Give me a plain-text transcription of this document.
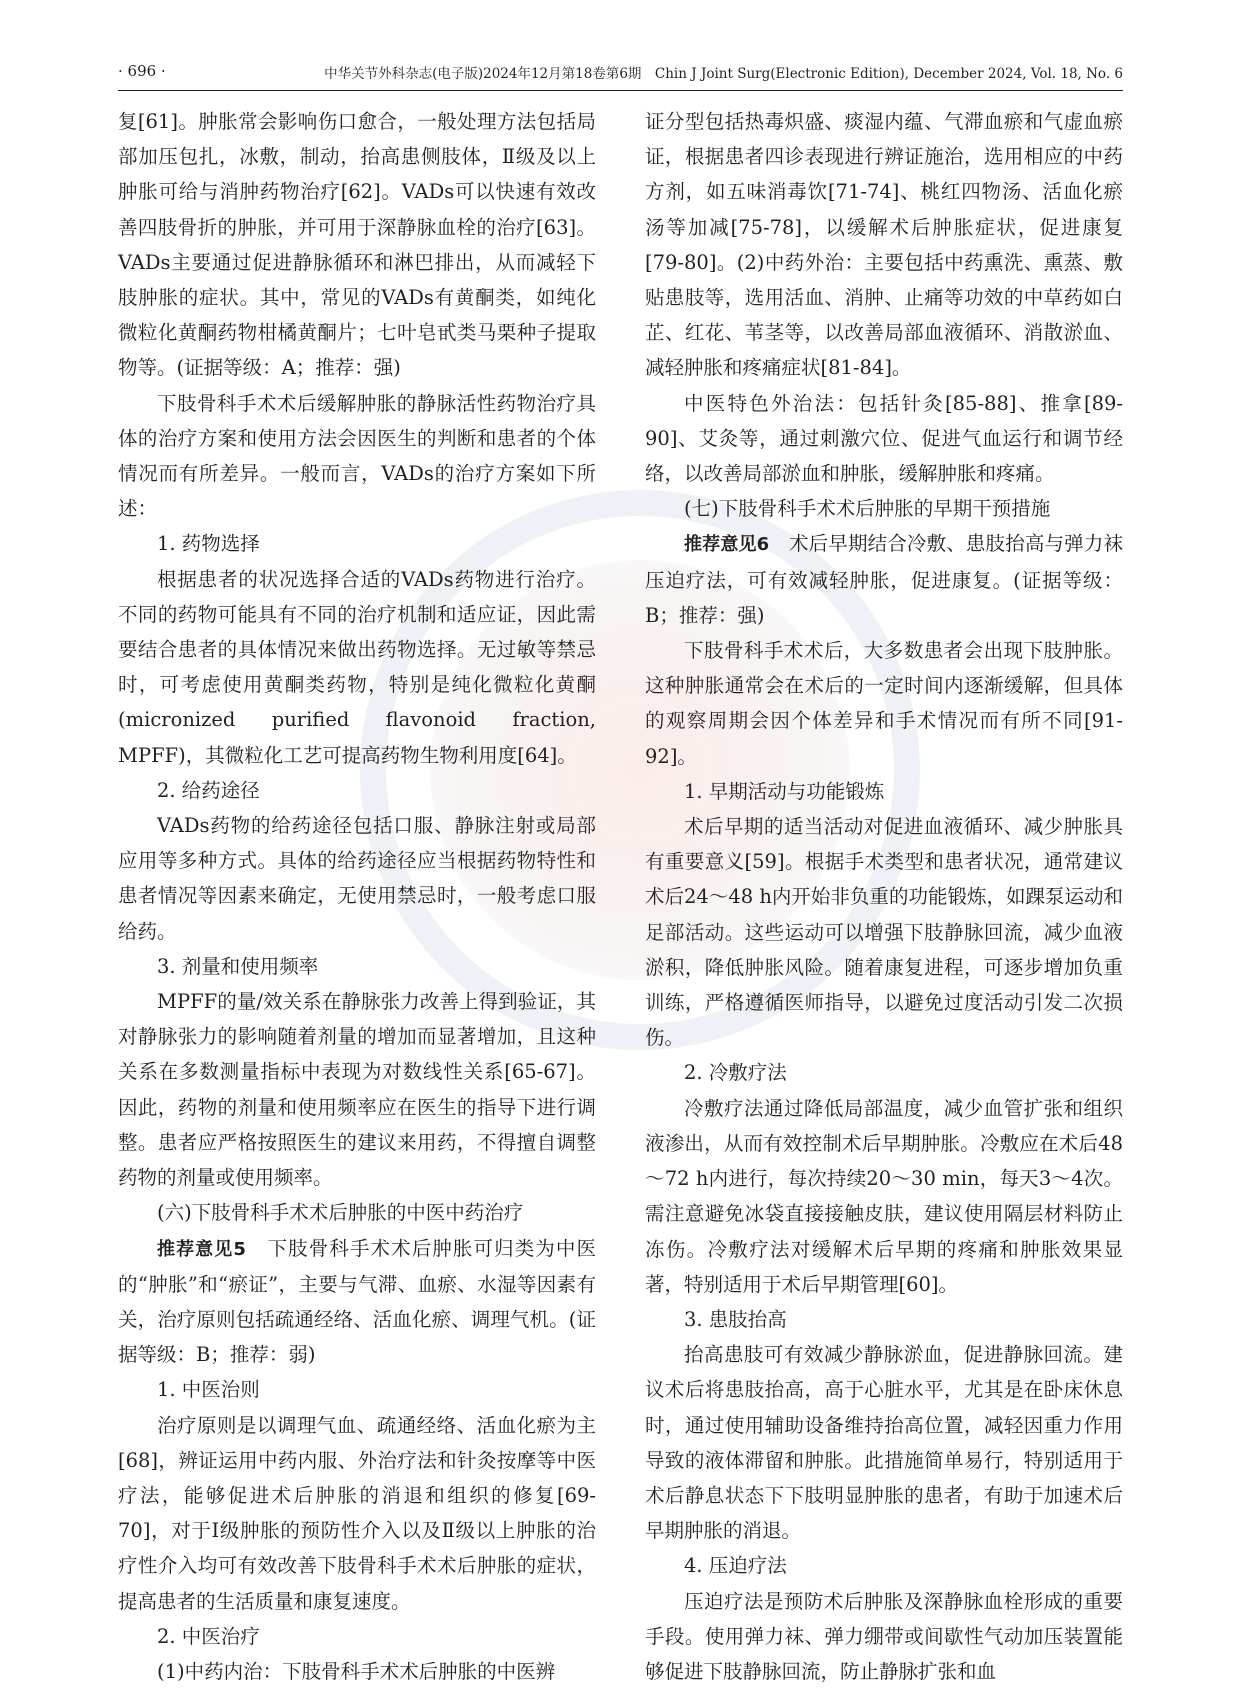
· 696 ·	中华关节外科杂志(电子版)2024年12月第18卷第6期　Chin J Joint Surg(Electronic Edition), December 2024, Vol. 18, No. 6

复[61]。肿胀常会影响伤口愈合，一般处理方法包括局部加压包扎，冰敷，制动，抬高患侧肢体，Ⅱ级及以上肿胀可给与消肿药物治疗[62]。VADs可以快速有效改善四肢骨折的肿胀，并可用于深静脉血栓的治疗[63]。VADs主要通过促进静脉循环和淋巴排出，从而减轻下肢肿胀的症状。其中，常见的VADs有黄酮类，如纯化微粒化黄酮药物柑橘黄酮片；七叶皂甙类马栗种子提取物等。(证据等级：A；推荐：强)

下肢骨科手术术后缓解肿胀的静脉活性药物治疗具体的治疗方案和使用方法会因医生的判断和患者的个体情况而有所差异。一般而言，VADs的治疗方案如下所述：

1. 药物选择

根据患者的状况选择合适的VADs药物进行治疗。不同的药物可能具有不同的治疗机制和适应证，因此需要结合患者的具体情况来做出药物选择。无过敏等禁忌时，可考虑使用黄酮类药物，特别是纯化微粒化黄酮(micronized purified flavonoid fraction, MPFF)，其微粒化工艺可提高药物生物利用度[64]。

2. 给药途径

VADs药物的给药途径包括口服、静脉注射或局部应用等多种方式。具体的给药途径应当根据药物特性和患者情况等因素来确定，无使用禁忌时，一般考虑口服给药。

3. 剂量和使用频率

MPFF的量/效关系在静脉张力改善上得到验证，其对静脉张力的影响随着剂量的增加而显著增加，且这种关系在多数测量指标中表现为对数线性关系[65-67]。因此，药物的剂量和使用频率应在医生的指导下进行调整。患者应严格按照医生的建议来用药，不得擅自调整药物的剂量或使用频率。

(六)下肢骨科手术术后肿胀的中医中药治疗

推荐意见5　下肢骨科手术术后肿胀可归类为中医的“肿胀”和“瘀证”，主要与气滞、血瘀、水湿等因素有关，治疗原则包括疏通经络、活血化瘀、调理气机。(证据等级：B；推荐：弱)

1. 中医治则

治疗原则是以调理气血、疏通经络、活血化瘀为主[68]，辨证运用中药内服、外治疗法和针灸按摩等中医疗法，能够促进术后肿胀的消退和组织的修复[69-70]，对于Ⅰ级肿胀的预防性介入以及Ⅱ级以上肿胀的治疗性介入均可有效改善下肢骨科手术术后肿胀的症状，提高患者的生活质量和康复速度。

2. 中医治疗

(1)中药内治：下肢骨科手术术后肿胀的中医辨

证分型包括热毒炽盛、痰湿内蕴、气滞血瘀和气虚血瘀证，根据患者四诊表现进行辨证施治，选用相应的中药方剂，如五味消毒饮[71-74]、桃红四物汤、活血化瘀汤等加减[75-78]，以缓解术后肿胀症状，促进康复[79-80]。(2)中药外治：主要包括中药熏洗、熏蒸、敷贴患肢等，选用活血、消肿、止痛等功效的中草药如白芷、红花、苇茎等，以改善局部血液循环、消散淤血、减轻肿胀和疼痛症状[81-84]。

中医特色外治法：包括针灸[85-88]、推拿[89-90]、艾灸等，通过刺激穴位、促进气血运行和调节经络，以改善局部淤血和肿胀，缓解肿胀和疼痛。

(七)下肢骨科手术术后肿胀的早期干预措施

推荐意见6　术后早期结合冷敷、患肢抬高与弹力袜压迫疗法，可有效减轻肿胀，促进康复。(证据等级：B；推荐：强)

下肢骨科手术术后，大多数患者会出现下肢肿胀。这种肿胀通常会在术后的一定时间内逐渐缓解，但具体的观察周期会因个体差异和手术情况而有所不同[91-92]。

1. 早期活动与功能锻炼

术后早期的适当活动对促进血液循环、减少肿胀具有重要意义[59]。根据手术类型和患者状况，通常建议术后24～48 h内开始非负重的功能锻炼，如踝泵运动和足部活动。这些运动可以增强下肢静脉回流，减少血液淤积，降低肿胀风险。随着康复进程，可逐步增加负重训练，严格遵循医师指导，以避免过度活动引发二次损伤。

2. 冷敷疗法

冷敷疗法通过降低局部温度，减少血管扩张和组织液渗出，从而有效控制术后早期肿胀。冷敷应在术后48～72 h内进行，每次持续20～30 min，每天3～4次。需注意避免冰袋直接接触皮肤，建议使用隔层材料防止冻伤。冷敷疗法对缓解术后早期的疼痛和肿胀效果显著，特别适用于术后早期管理[60]。

3. 患肢抬高

抬高患肢可有效减少静脉淤血，促进静脉回流。建议术后将患肢抬高，高于心脏水平，尤其是在卧床休息时，通过使用辅助设备维持抬高位置，减轻因重力作用导致的液体滞留和肿胀。此措施简单易行，特别适用于术后静息状态下下肢明显肿胀的患者，有助于加速术后早期肿胀的消退。

4. 压迫疗法

压迫疗法是预防术后肿胀及深静脉血栓形成的重要手段。使用弹力袜、弹力绷带或间歇性气动加压装置能够促进下肢静脉回流，防止静脉扩张和血
